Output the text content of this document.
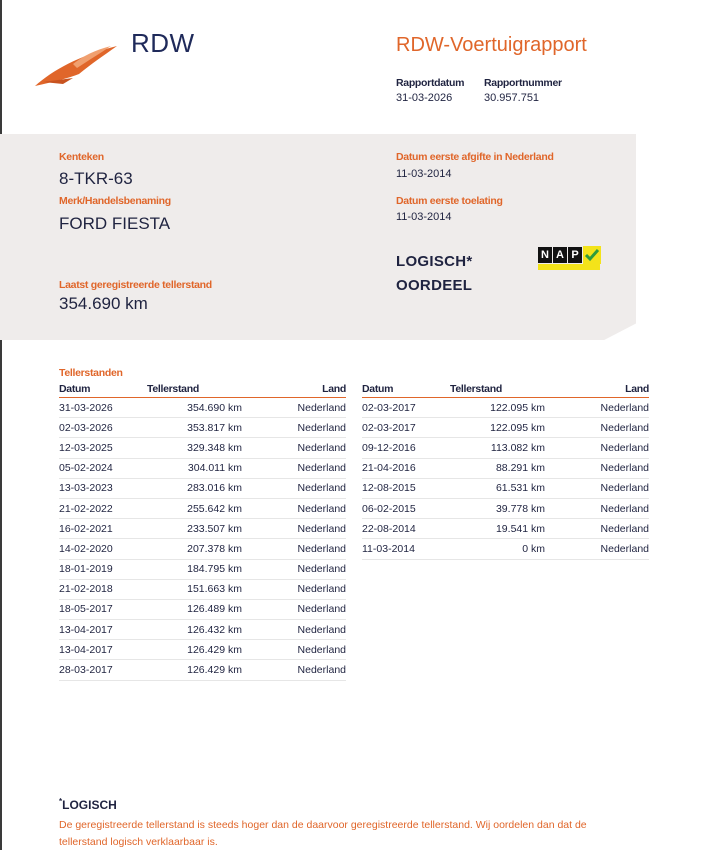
RDW	RDW-Voertuigrapport
Rapportdatum Rapportnummer
31-03-2026	30.957.751
Kenteken
8-TKR-63
Merk/Handelsbenaming
FORD FIESTA
Laatst geregistreerde tellerstand
354.690 km
Datum eerste afgifte in Nederland
11-03-2014
Datum eerste toelating
11-03-2014
LOGISCH*
OORDEEL
N A P
Tellerstanden
Datum	Tellerstand	Land
31-03-2026	354.690 km	Nederland
02-03-2026	353.817 km	Nederland
12-03-2025	329.348 km	Nederland
05-02-2024	304.011 km	Nederland
13-03-2023	283.016 km	Nederland
21-02-2022	255.642 km	Nederland
16-02-2021	233.507 km	Nederland
14-02-2020	207.378 km	Nederland
18-01-2019	184.795 km	Nederland
21-02-2018	151.663 km	Nederland
18-05-2017	126.489 km	Nederland
13-04-2017	126.432 km	Nederland
13-04-2017	126.429 km	Nederland
28-03-2017	126.429 km	Nederland
Datum	Tellerstand	Land
02-03-2017	122.095 km	Nederland
02-03-2017	122.095 km	Nederland
09-12-2016	113.082 km	Nederland
21-04-2016	88.291 km	Nederland
12-08-2015	61.531 km	Nederland
06-02-2015	39.778 km	Nederland
22-08-2014	19.541 km	Nederland
11-03-2014	0 km	Nederland
*LOGISCH
De geregistreerde tellerstand is steeds hoger dan de daarvoor geregistreerde tellerstand. Wij oordelen dan dat de tellerstand logisch verklaarbaar is.
